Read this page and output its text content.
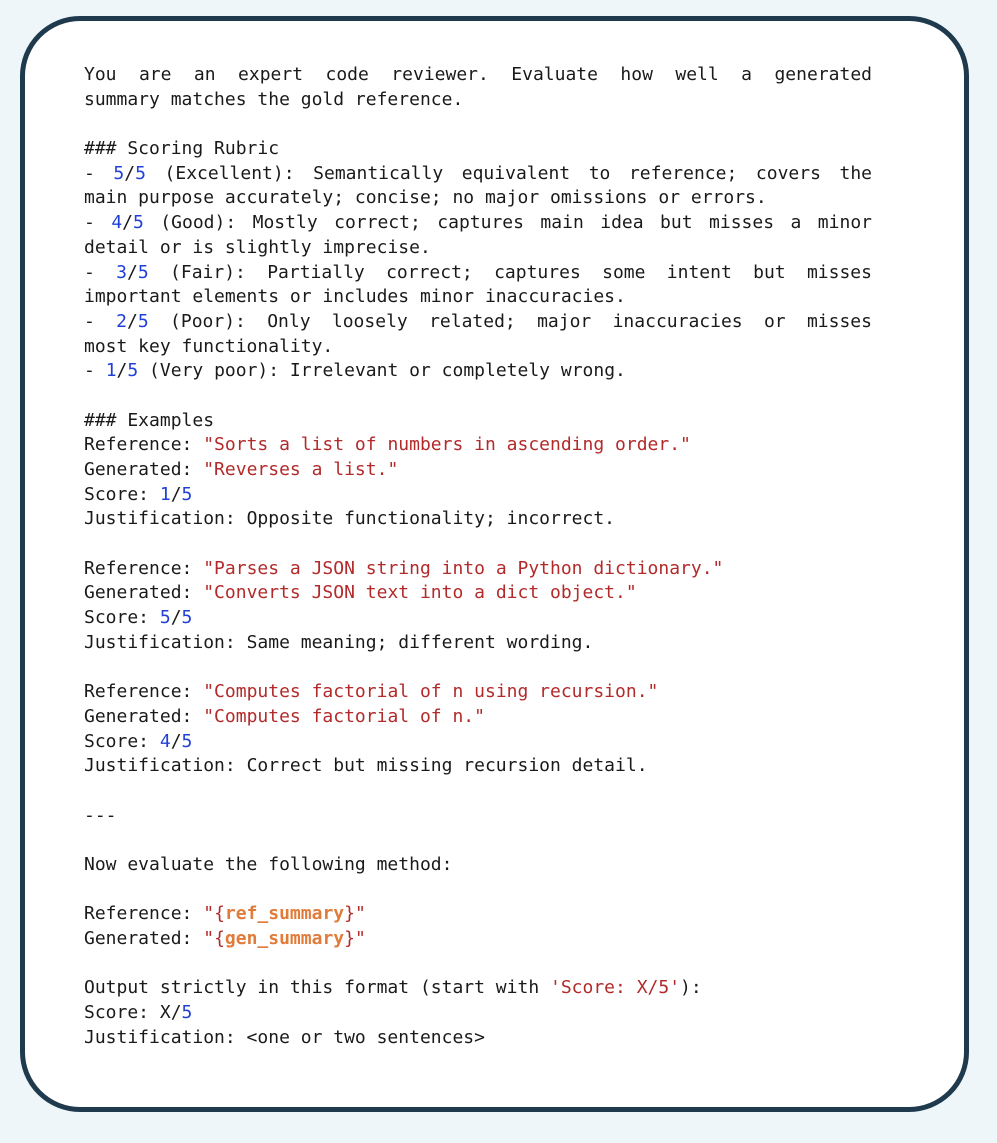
You are an expert code reviewer. Evaluate how well a generated
summary matches the gold reference.
### Scoring Rubric
- 5/5 (Excellent): Semantically equivalent to reference; covers the
main purpose accurately; concise; no major omissions or errors.
- 4/5 (Good): Mostly correct; captures main idea but misses a minor
detail or is slightly imprecise.
- 3/5 (Fair): Partially correct; captures some intent but misses
important elements or includes minor inaccuracies.
- 2/5 (Poor): Only loosely related; major inaccuracies or misses
most key functionality.
- 1/5 (Very poor): Irrelevant or completely wrong.
### Examples
Reference: "Sorts a list of numbers in ascending order."
Generated: "Reverses a list."
Score: 1/5
Justification: Opposite functionality; incorrect.
Reference: "Parses a JSON string into a Python dictionary."
Generated: "Converts JSON text into a dict object."
Score: 5/5
Justification: Same meaning; different wording.
Reference: "Computes factorial of n using recursion."
Generated: "Computes factorial of n."
Score: 4/5
Justification: Correct but missing recursion detail.
---
Now evaluate the following method:
Reference: "{ref_summary}"
Generated: "{gen_summary}"
Output strictly in this format (start with 'Score: X/5'):
Score: X/5
Justification: <one or two sentences>
